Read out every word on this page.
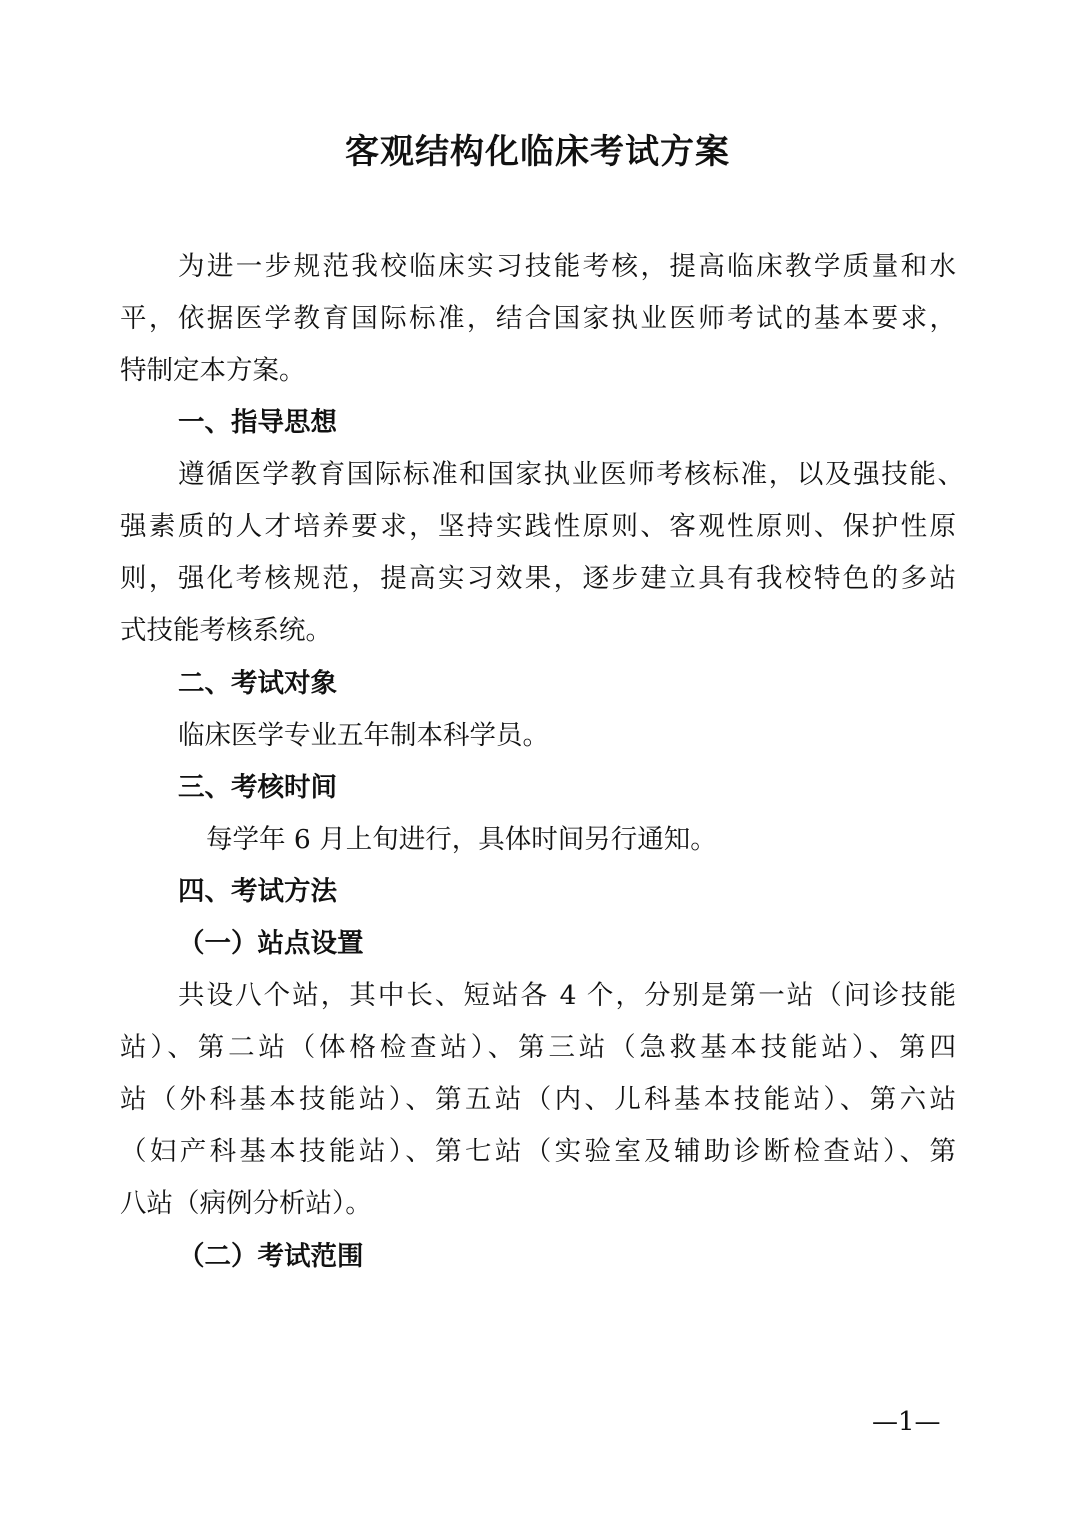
客观结构化临床考试方案

为进一步规范我校临床实习技能考核，提高临床教学质量和水

平，依据医学教育国际标准，结合国家执业医师考试的基本要求，

特制定本方案。

一、指导思想

遵循医学教育国际标准和国家执业医师考核标准，以及强技能、

强素质的人才培养要求，坚持实践性原则、客观性原则、保护性原

则，强化考核规范，提高实习效果，逐步建立具有我校特色的多站

式技能考核系统。

二、考试对象

临床医学专业五年制本科学员。

三、考核时间

每学年 6 月上旬进行，具体时间另行通知。

四、考试方法

（一）站点设置

共设八个站，其中长、短站各 4 个，分别是第一站（问诊技能

站）、第二站（体格检查站）、第三站（急救基本技能站）、第四

站（外科基本技能站）、第五站（内、儿科基本技能站）、第六站

（妇产科基本技能站）、第七站（实验室及辅助诊断检查站）、第

八站（病例分析站）。

（二）考试范围

—1—
